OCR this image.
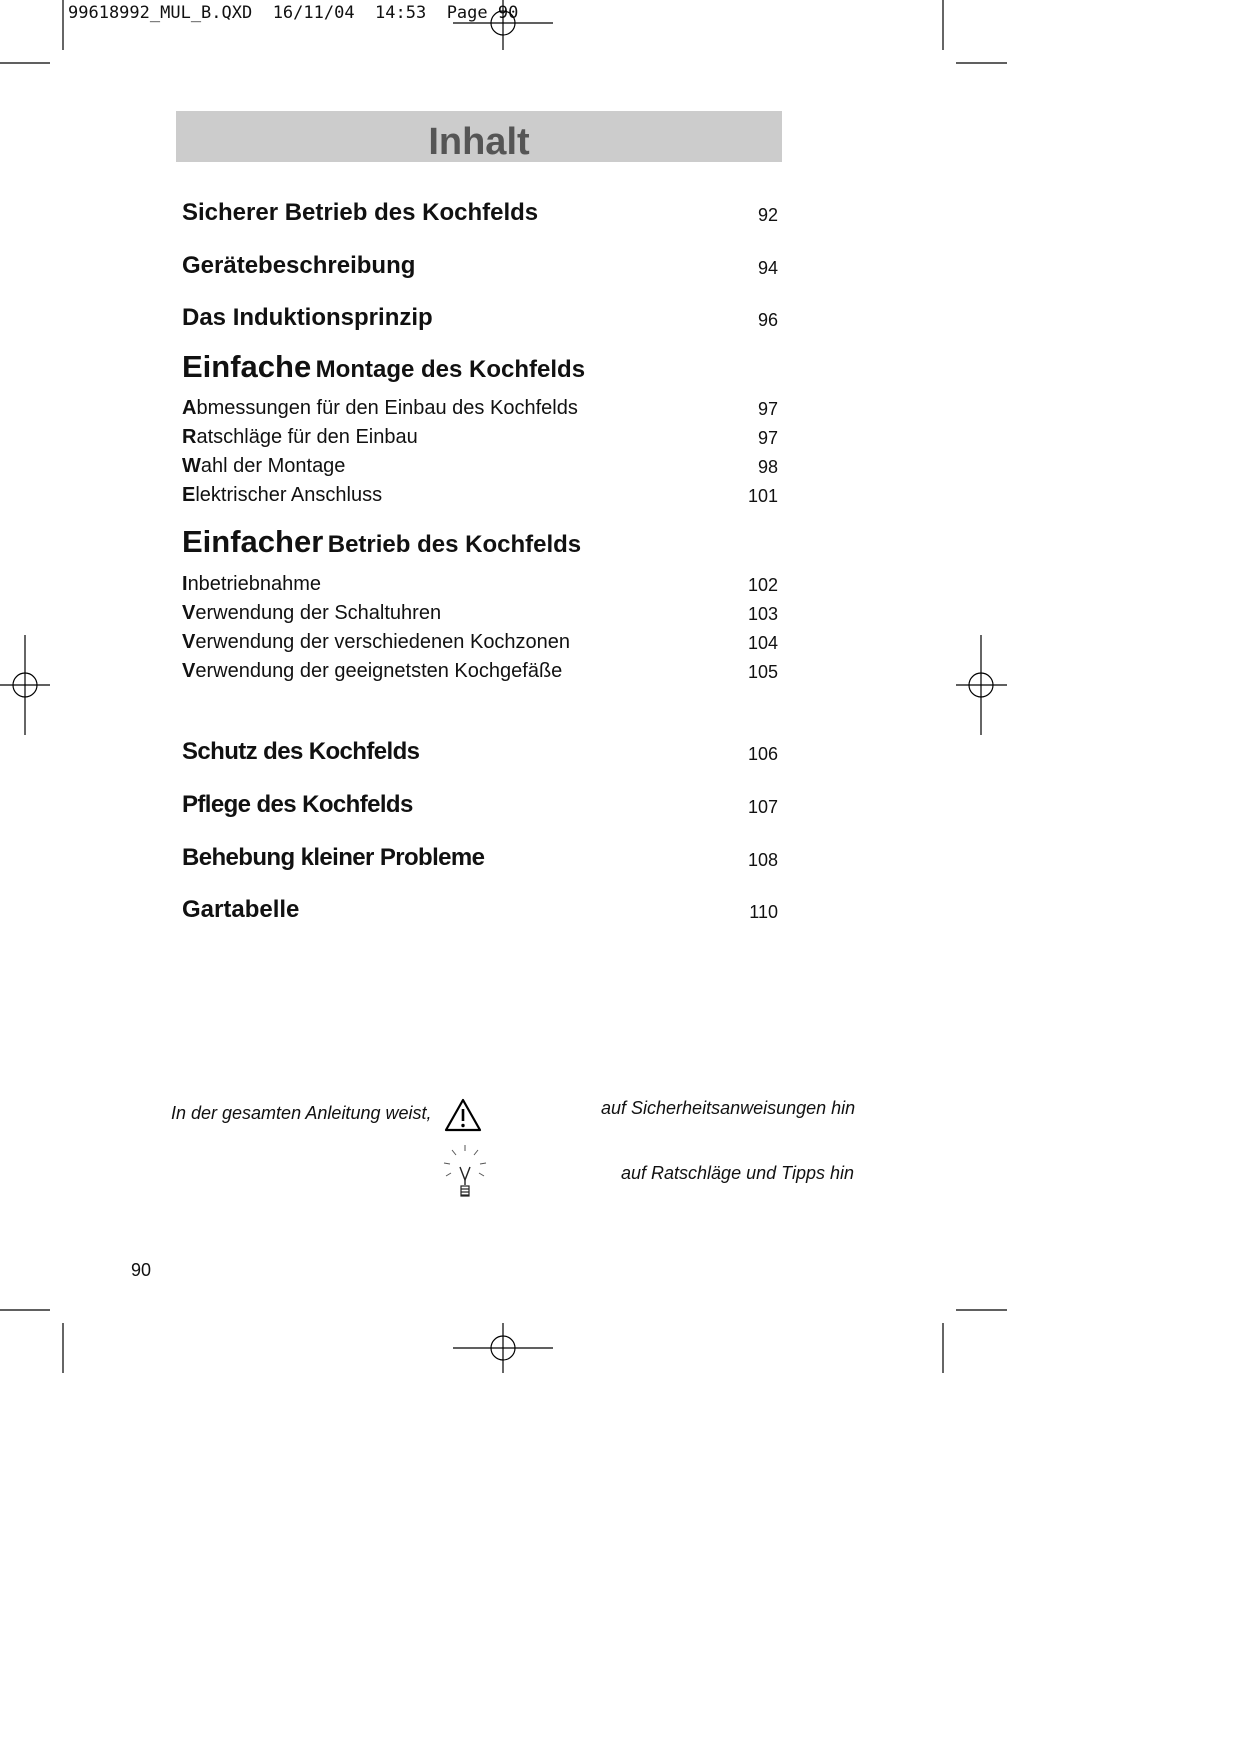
99618992_MUL_B.QXD  16/11/04  14:53  Page 90
Inhalt
Sicherer Betrieb des Kochfelds	92
Gerätebeschreibung	94
Das Induktionsprinzip	96
Einfache Montage des Kochfelds
Abmessungen für den Einbau des Kochfelds	97
Ratschläge für den Einbau	97
Wahl der Montage	98
Elektrischer Anschluss	101
Einfacher Betrieb des Kochfelds
Inbetriebnahme	102
Verwendung der Schaltuhren	103
Verwendung der verschiedenen Kochzonen	104
Verwendung der geeignetsten Kochgefäße	105
Schutz des Kochfelds	106
Pflege des Kochfelds	107
Behebung kleiner Probleme	108
Gartabelle	110
In der gesamten Anleitung weist,	auf Sicherheitsanweisungen hin
auf Ratschläge und Tipps hin
90
